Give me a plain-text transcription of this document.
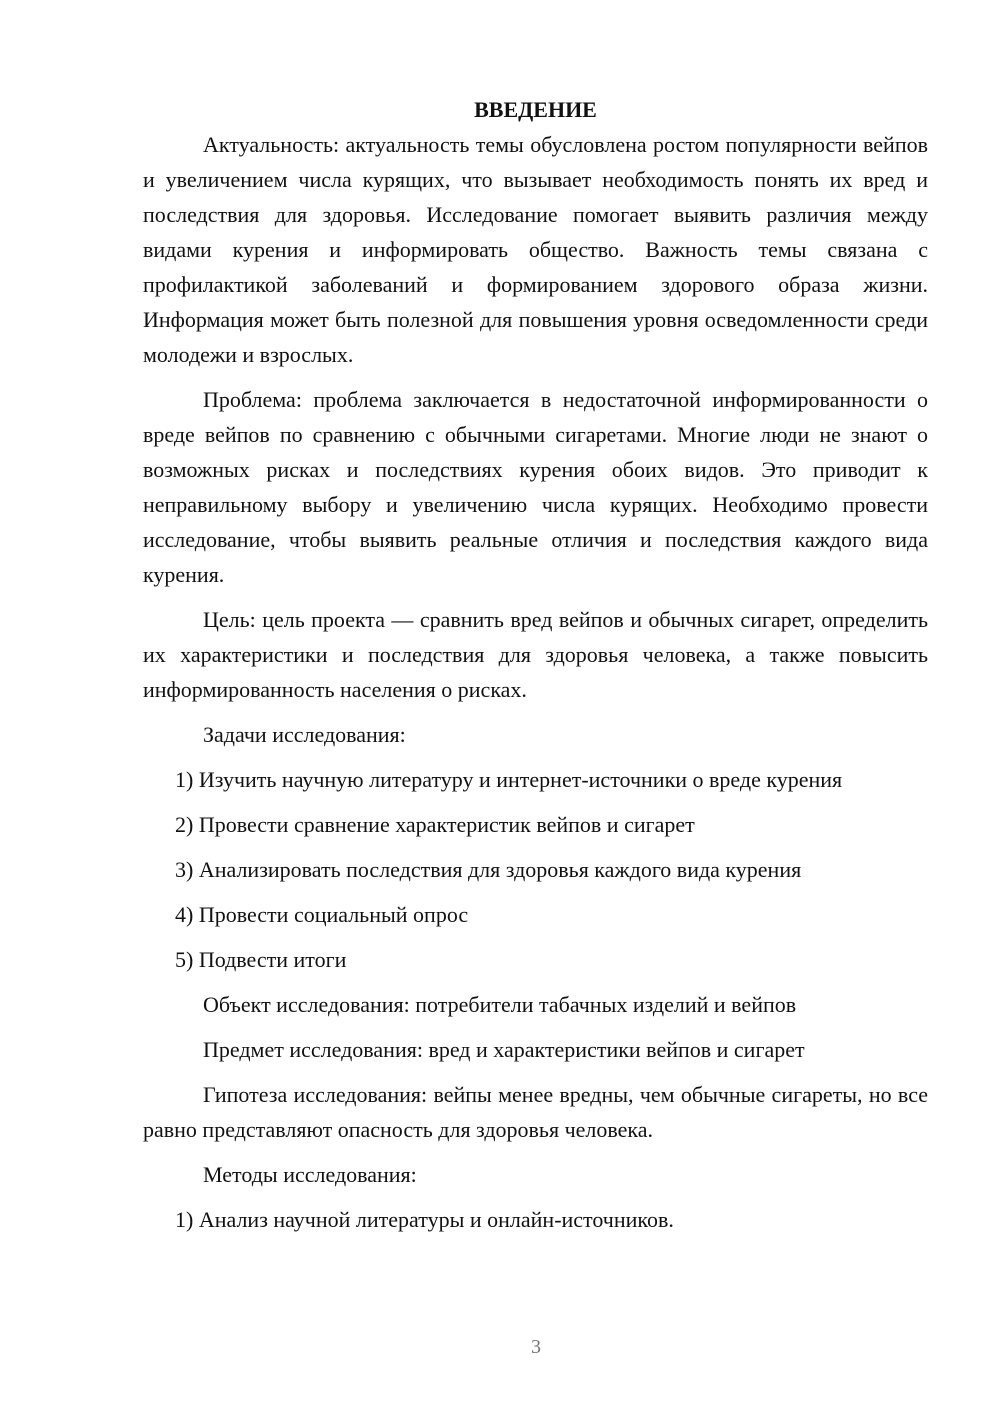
ВВЕДЕНИЕ

Актуальность: актуальность темы обусловлена ростом популярности вейпов и увеличением числа курящих, что вызывает необходимость понять их вред и последствия для здоровья. Исследование помогает выявить различия между видами курения и информировать общество. Важность темы связана с профилактикой заболеваний и формированием здорового образа жизни. Информация может быть полезной для повышения уровня осведомленности среди молодежи и взрослых.

Проблема: проблема заключается в недостаточной информированности о вреде вейпов по сравнению с обычными сигаретами. Многие люди не знают о возможных рисках и последствиях курения обоих видов. Это приводит к неправильному выбору и увеличению числа курящих. Необходимо провести исследование, чтобы выявить реальные отличия и последствия каждого вида курения.

Цель: цель проекта — сравнить вред вейпов и обычных сигарет, определить их характеристики и последствия для здоровья человека, а также повысить информированность населения о рисках.

Задачи исследования:

1) Изучить научную литературу и интернет-источники о вреде курения
2) Провести сравнение характеристик вейпов и сигарет
3) Анализировать последствия для здоровья каждого вида курения
4) Провести социальный опрос
5) Подвести итоги

Объект исследования: потребители табачных изделий и вейпов

Предмет исследования: вред и характеристики вейпов и сигарет

Гипотеза исследования: вейпы менее вредны, чем обычные сигареты, но все равно представляют опасность для здоровья человека.

Методы исследования:

1) Анализ научной литературы и онлайн-источников.
3
